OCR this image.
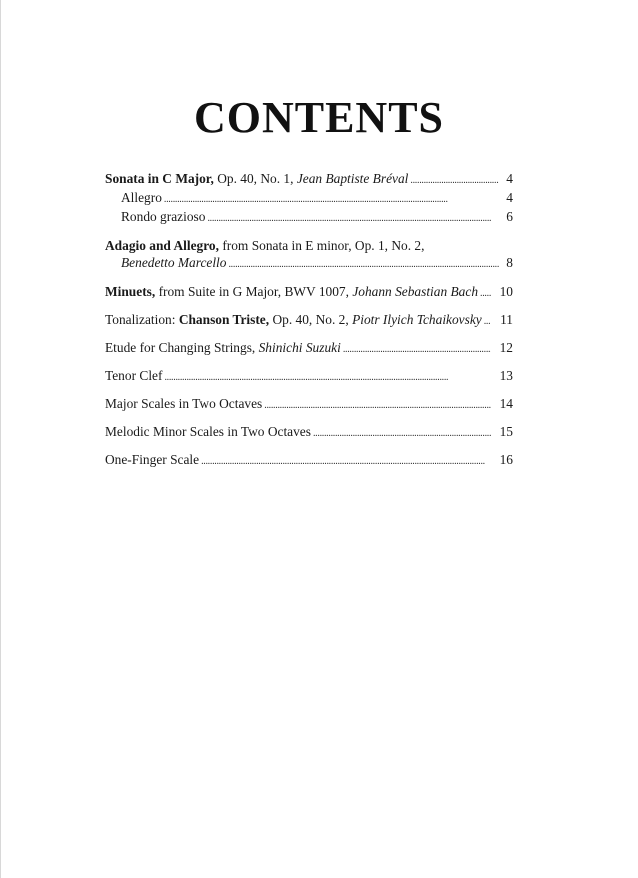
CONTENTS
Sonata in C Major, Op. 40, No. 1, Jean Baptiste Bréval . . .	4
Allegro . . .	4
Rondo grazioso . . .	6
Adagio and Allegro, from Sonata in E minor, Op. 1, No. 2,
Benedetto Marcello . . .	8
Minuets, from Suite in G Major, BWV 1007, Johann Sebastian Bach . . .	10
Tonalization: Chanson Triste, Op. 40, No. 2, Piotr Ilyich Tchaikovsky . . .	11
Etude for Changing Strings, Shinichi Suzuki . . .	12
Tenor Clef . . .	13
Major Scales in Two Octaves . . .	14
Melodic Minor Scales in Two Octaves . . .	15
One-Finger Scale . . .	16
